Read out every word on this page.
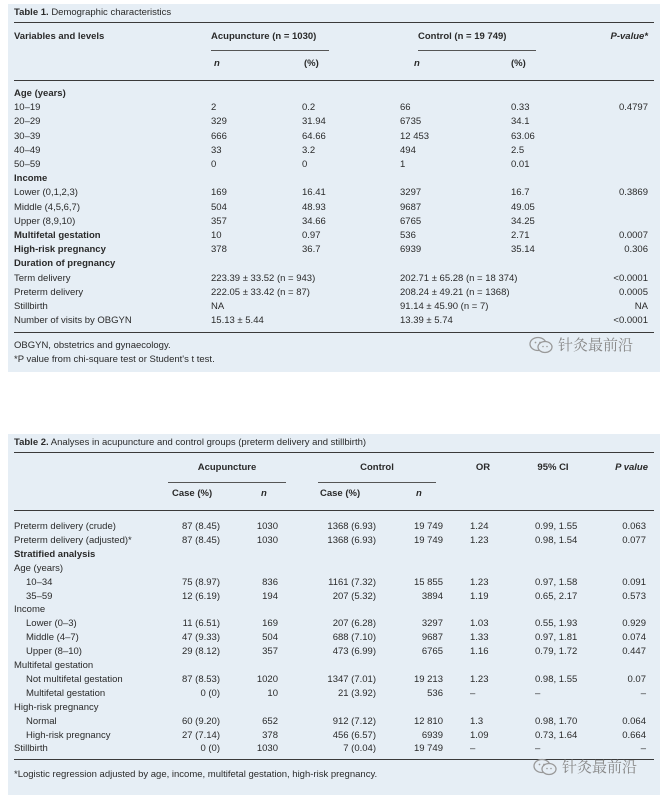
Table 1. Demographic characteristics
Variables and levels	Acupuncture (n = 1030)	Control (n = 19 749)	P-value*
n	(%)	n	(%)
Age (years)
10–19	2	0.2	66	0.33	0.4797
20–29	329	31.94	6735	34.1
30–39	666	64.66	12 453	63.06
40–49	33	3.2	494	2.5
50–59	0	0	1	0.01
Income
Lower (0,1,2,3)	169	16.41	3297	16.7	0.3869
Middle (4,5,6,7)	504	48.93	9687	49.05
Upper (8,9,10)	357	34.66	6765	34.25
Multifetal gestation	10	0.97	536	2.71	0.0007
High-risk pregnancy	378	36.7	6939	35.14	0.306
Duration of pregnancy
Term delivery	223.39 ± 33.52 (n = 943)	202.71 ± 65.28 (n = 18 374)	<0.0001
Preterm delivery	222.05 ± 33.42 (n = 87)	208.24 ± 49.21 (n = 1368)	0.0005
Stillbirth	NA	91.14 ± 45.90 (n = 7)	NA
Number of visits by OBGYN	15.13 ± 5.44	13.39 ± 5.74	<0.0001
OBGYN, obstetrics and gynaecology.
*P value from chi-square test or Student's t test.
针灸最前沿
Table 2. Analyses in acupuncture and control groups (preterm delivery and stillbirth)
Acupuncture	Control	OR	95% CI	P value
Case (%)	n	Case (%)	n
Preterm delivery (crude)	87 (8.45)	1030	1368 (6.93)	19 749	1.24	0.99, 1.55	0.063
Preterm delivery (adjusted)*	87 (8.45)	1030	1368 (6.93)	19 749	1.23	0.98, 1.54	0.077
Stratified analysis
Age (years)
10–34	75 (8.97)	836	1161 (7.32)	15 855	1.23	0.97, 1.58	0.091
35–59	12 (6.19)	194	207 (5.32)	3894	1.19	0.65, 2.17	0.573
Income
Lower (0–3)	11 (6.51)	169	207 (6.28)	3297	1.03	0.55, 1.93	0.929
Middle (4–7)	47 (9.33)	504	688 (7.10)	9687	1.33	0.97, 1.81	0.074
Upper (8–10)	29 (8.12)	357	473 (6.99)	6765	1.16	0.79, 1.72	0.447
Multifetal gestation
Not multifetal gestation	87 (8.53)	1020	1347 (7.01)	19 213	1.23	0.98, 1.55	0.07
Multifetal gestation	0 (0)	10	21 (3.92)	536	–	–	–
High-risk pregnancy
Normal	60 (9.20)	652	912 (7.12)	12 810	1.3	0.98, 1.70	0.064
High-risk pregnancy	27 (7.14)	378	456 (6.57)	6939	1.09	0.73, 1.64	0.664
Stillbirth	0 (0)	1030	7 (0.04)	19 749	–	–	–
*Logistic regression adjusted by age, income, multifetal gestation, high-risk pregnancy.	针灸最前沿
